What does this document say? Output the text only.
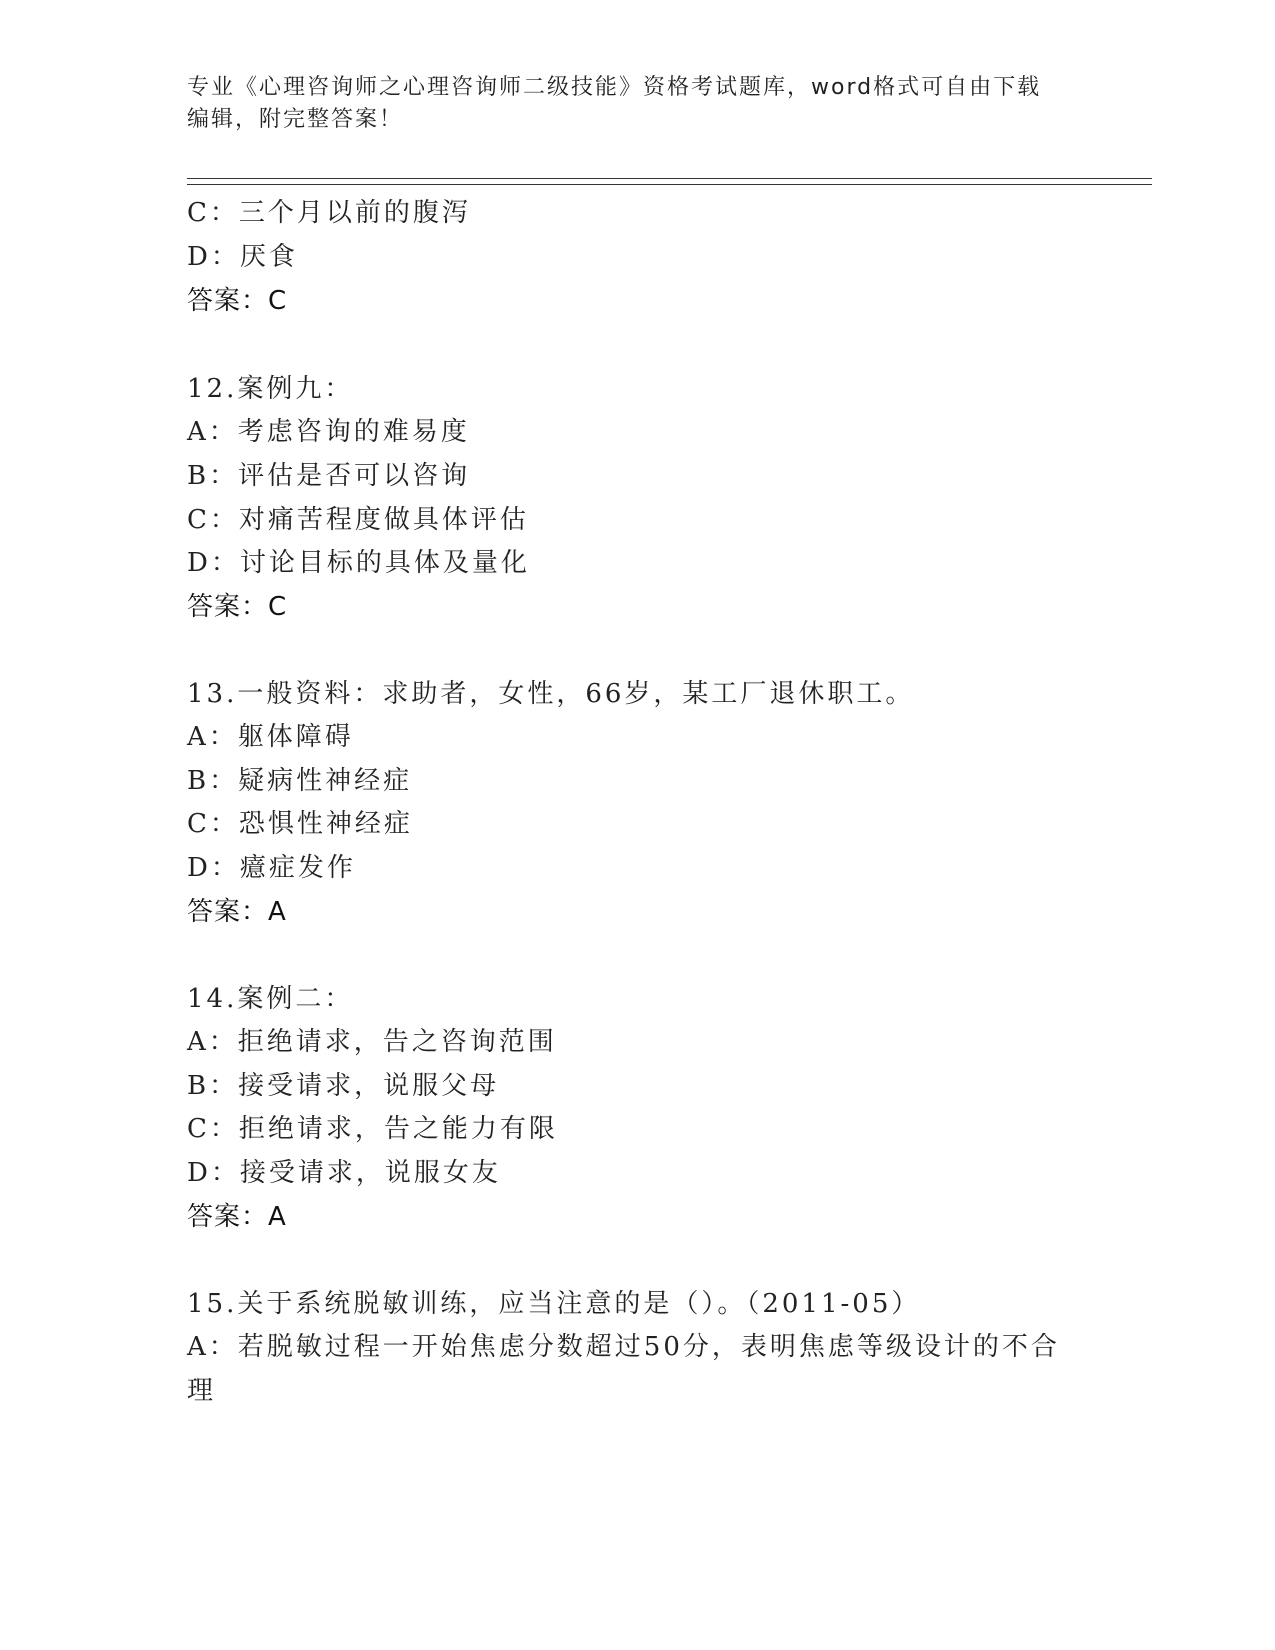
专业《心理咨询师之心理咨询师二级技能》资格考试题库，word格式可自由下载
编辑，附完整答案！
C：三个月以前的腹泻
D：厌食
答案：C
12.案例九：
A：考虑咨询的难易度
B：评估是否可以咨询
C：对痛苦程度做具体评估
D：讨论目标的具体及量化
答案：C
13.一般资料：求助者，女性，66岁，某工厂退休职工。
A：躯体障碍
B：疑病性神经症
C：恐惧性神经症
D：癔症发作
答案：A
14.案例二：
A：拒绝请求，告之咨询范围
B：接受请求，说服父母
C：拒绝请求，告之能力有限
D：接受请求，说服女友
答案：A
15.关于系统脱敏训练，应当注意的是（）。（2011-05）
A：若脱敏过程一开始焦虑分数超过50分，表明焦虑等级设计的不合
理
